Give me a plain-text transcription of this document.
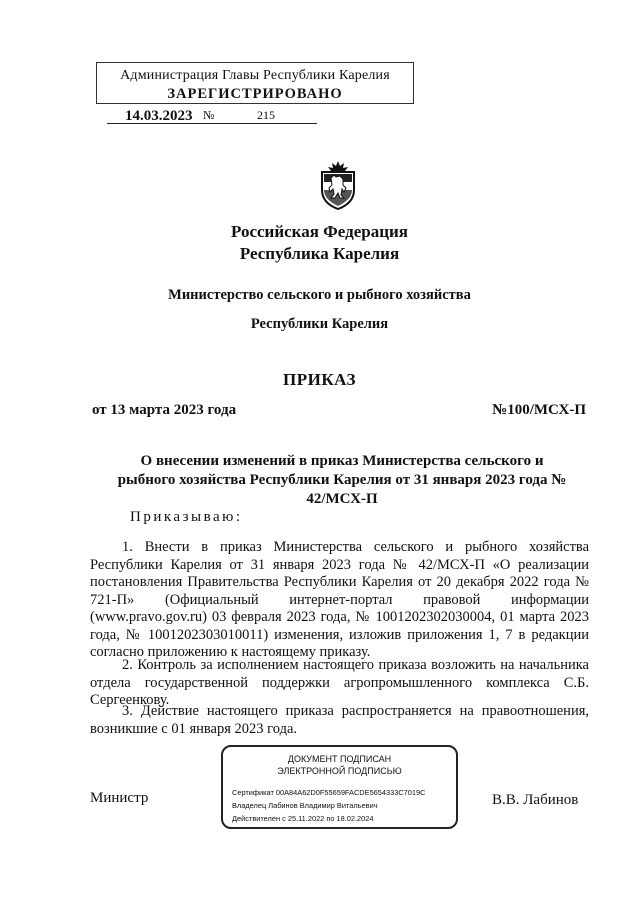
Администрация Главы Республики Карелия
ЗАРЕГИСТРИРОВАНО
14.03.2023 №	215
Российская Федерация
Республика Карелия
Министерство сельского и рыбного хозяйства
Республики Карелия
ПРИКАЗ
от 13 марта 2023 года	№100/МСХ-П
О внесении изменений в приказ Министерства сельского и рыбного хозяйства Республики Карелия от 31 января 2023 года № 42/МСХ-П
Приказываю:
1. Внести в приказ Министерства сельского и рыбного хозяйства Республики Карелия от 31 января 2023 года № 42/МСХ-П «О реализации постановления Правительства Республики Карелия от 20 декабря 2022 года № 721-П» (Официальный интернет-портал правовой информации (www.pravo.gov.ru) 03 февраля 2023 года, № 1001202302030004, 01 марта 2023 года, № 1001202303010011) изменения, изложив приложения 1, 7 в редакции согласно приложению к настоящему приказу.
2. Контроль за исполнением настоящего приказа возложить на начальника отдела государственной поддержки агропромышленного комплекса С.Б. Сергеенкову.
3. Действие настоящего приказа распространяется на правоотношения, возникшие с 01 января 2023 года.
Министр	В.В. Лабинов
ДОКУМЕНТ ПОДПИСАН
ЭЛЕКТРОННОЙ ПОДПИСЬЮ
Сертификат 00A84A62D0F55659FACDE5654333C7019C
Владелец Лабинов Владимир Витальевич
Действителен с 25.11.2022 по 18.02.2024
